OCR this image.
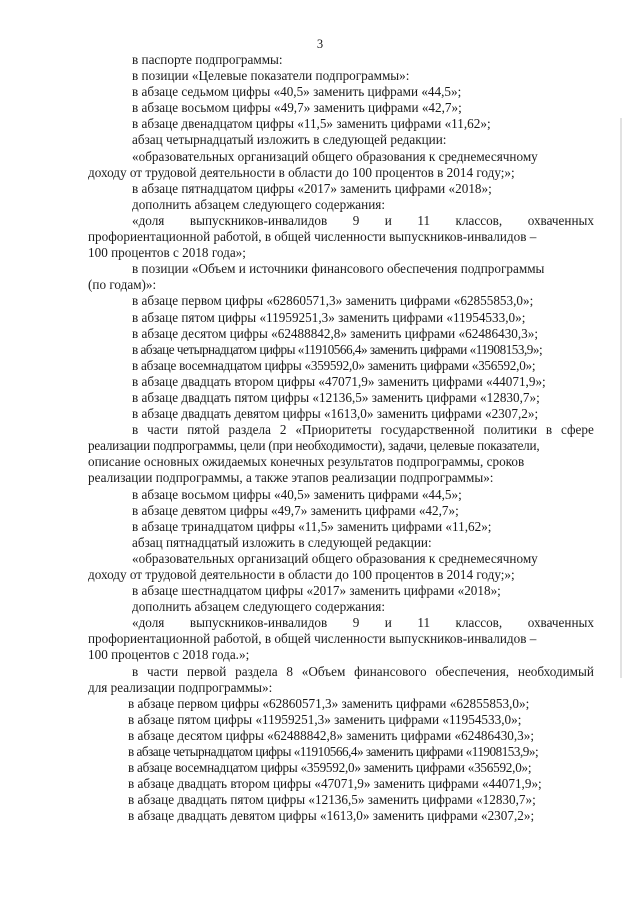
3
в паспорте подпрограммы:
в позиции «Целевые показатели подпрограммы»:
в абзаце седьмом цифры «40,5» заменить цифрами «44,5»;
в абзаце восьмом цифры «49,7» заменить цифрами «42,7»;
в абзаце двенадцатом цифры «11,5» заменить цифрами «11,62»;
абзац четырнадцатый изложить в следующей редакции:
«образовательных организаций общего образования к среднемесячному
доходу от трудовой деятельности в области до 100 процентов в 2014 году;»;
в абзаце пятнадцатом цифры «2017» заменить цифрами «2018»;
дополнить абзацем следующего содержания:
«доля выпускников-инвалидов 9 и 11 классов, охваченных
профориентационной работой, в общей численности выпускников-инвалидов –
100 процентов с 2018 года»;
в позиции «Объем и источники финансового обеспечения подпрограммы
(по годам)»:
в абзаце первом цифры «62860571,3» заменить цифрами «62855853,0»;
в абзаце пятом цифры «11959251,3» заменить цифрами «11954533,0»;
в абзаце десятом цифры «62488842,8» заменить цифрами «62486430,3»;
в абзаце четырнадцатом цифры «11910566,4» заменить цифрами «11908153,9»;
в абзаце восемнадцатом цифры «359592,0» заменить цифрами «356592,0»;
в абзаце двадцать втором цифры «47071,9» заменить цифрами «44071,9»;
в абзаце двадцать пятом цифры «12136,5» заменить цифрами «12830,7»;
в абзаце двадцать девятом цифры «1613,0» заменить цифрами «2307,2»;
в части пятой раздела 2 «Приоритеты государственной политики в сфере
реализации подпрограммы, цели (при необходимости), задачи, целевые показатели,
описание основных ожидаемых конечных результатов подпрограммы, сроков
реализации подпрограммы, а также этапов реализации подпрограммы»:
в абзаце восьмом цифры «40,5» заменить цифрами «44,5»;
в абзаце девятом цифры «49,7» заменить цифрами «42,7»;
в абзаце тринадцатом цифры «11,5» заменить цифрами «11,62»;
абзац пятнадцатый изложить в следующей редакции:
«образовательных организаций общего образования к среднемесячному
доходу от трудовой деятельности в области до 100 процентов в 2014 году;»;
в абзаце шестнадцатом цифры «2017» заменить цифрами «2018»;
дополнить абзацем следующего содержания:
«доля выпускников-инвалидов 9 и 11 классов, охваченных
профориентационной работой, в общей численности выпускников-инвалидов –
100 процентов с 2018 года.»;
в части первой раздела 8 «Объем финансового обеспечения, необходимый
для реализации подпрограммы»:
в абзаце первом цифры «62860571,3» заменить цифрами «62855853,0»;
в абзаце пятом цифры «11959251,3» заменить цифрами «11954533,0»;
в абзаце десятом цифры «62488842,8» заменить цифрами «62486430,3»;
в абзаце четырнадцатом цифры «11910566,4» заменить цифрами «11908153,9»;
в абзаце восемнадцатом цифры «359592,0» заменить цифрами «356592,0»;
в абзаце двадцать втором цифры «47071,9» заменить цифрами «44071,9»;
в абзаце двадцать пятом цифры «12136,5» заменить цифрами «12830,7»;
в абзаце двадцать девятом цифры «1613,0» заменить цифрами «2307,2»;
